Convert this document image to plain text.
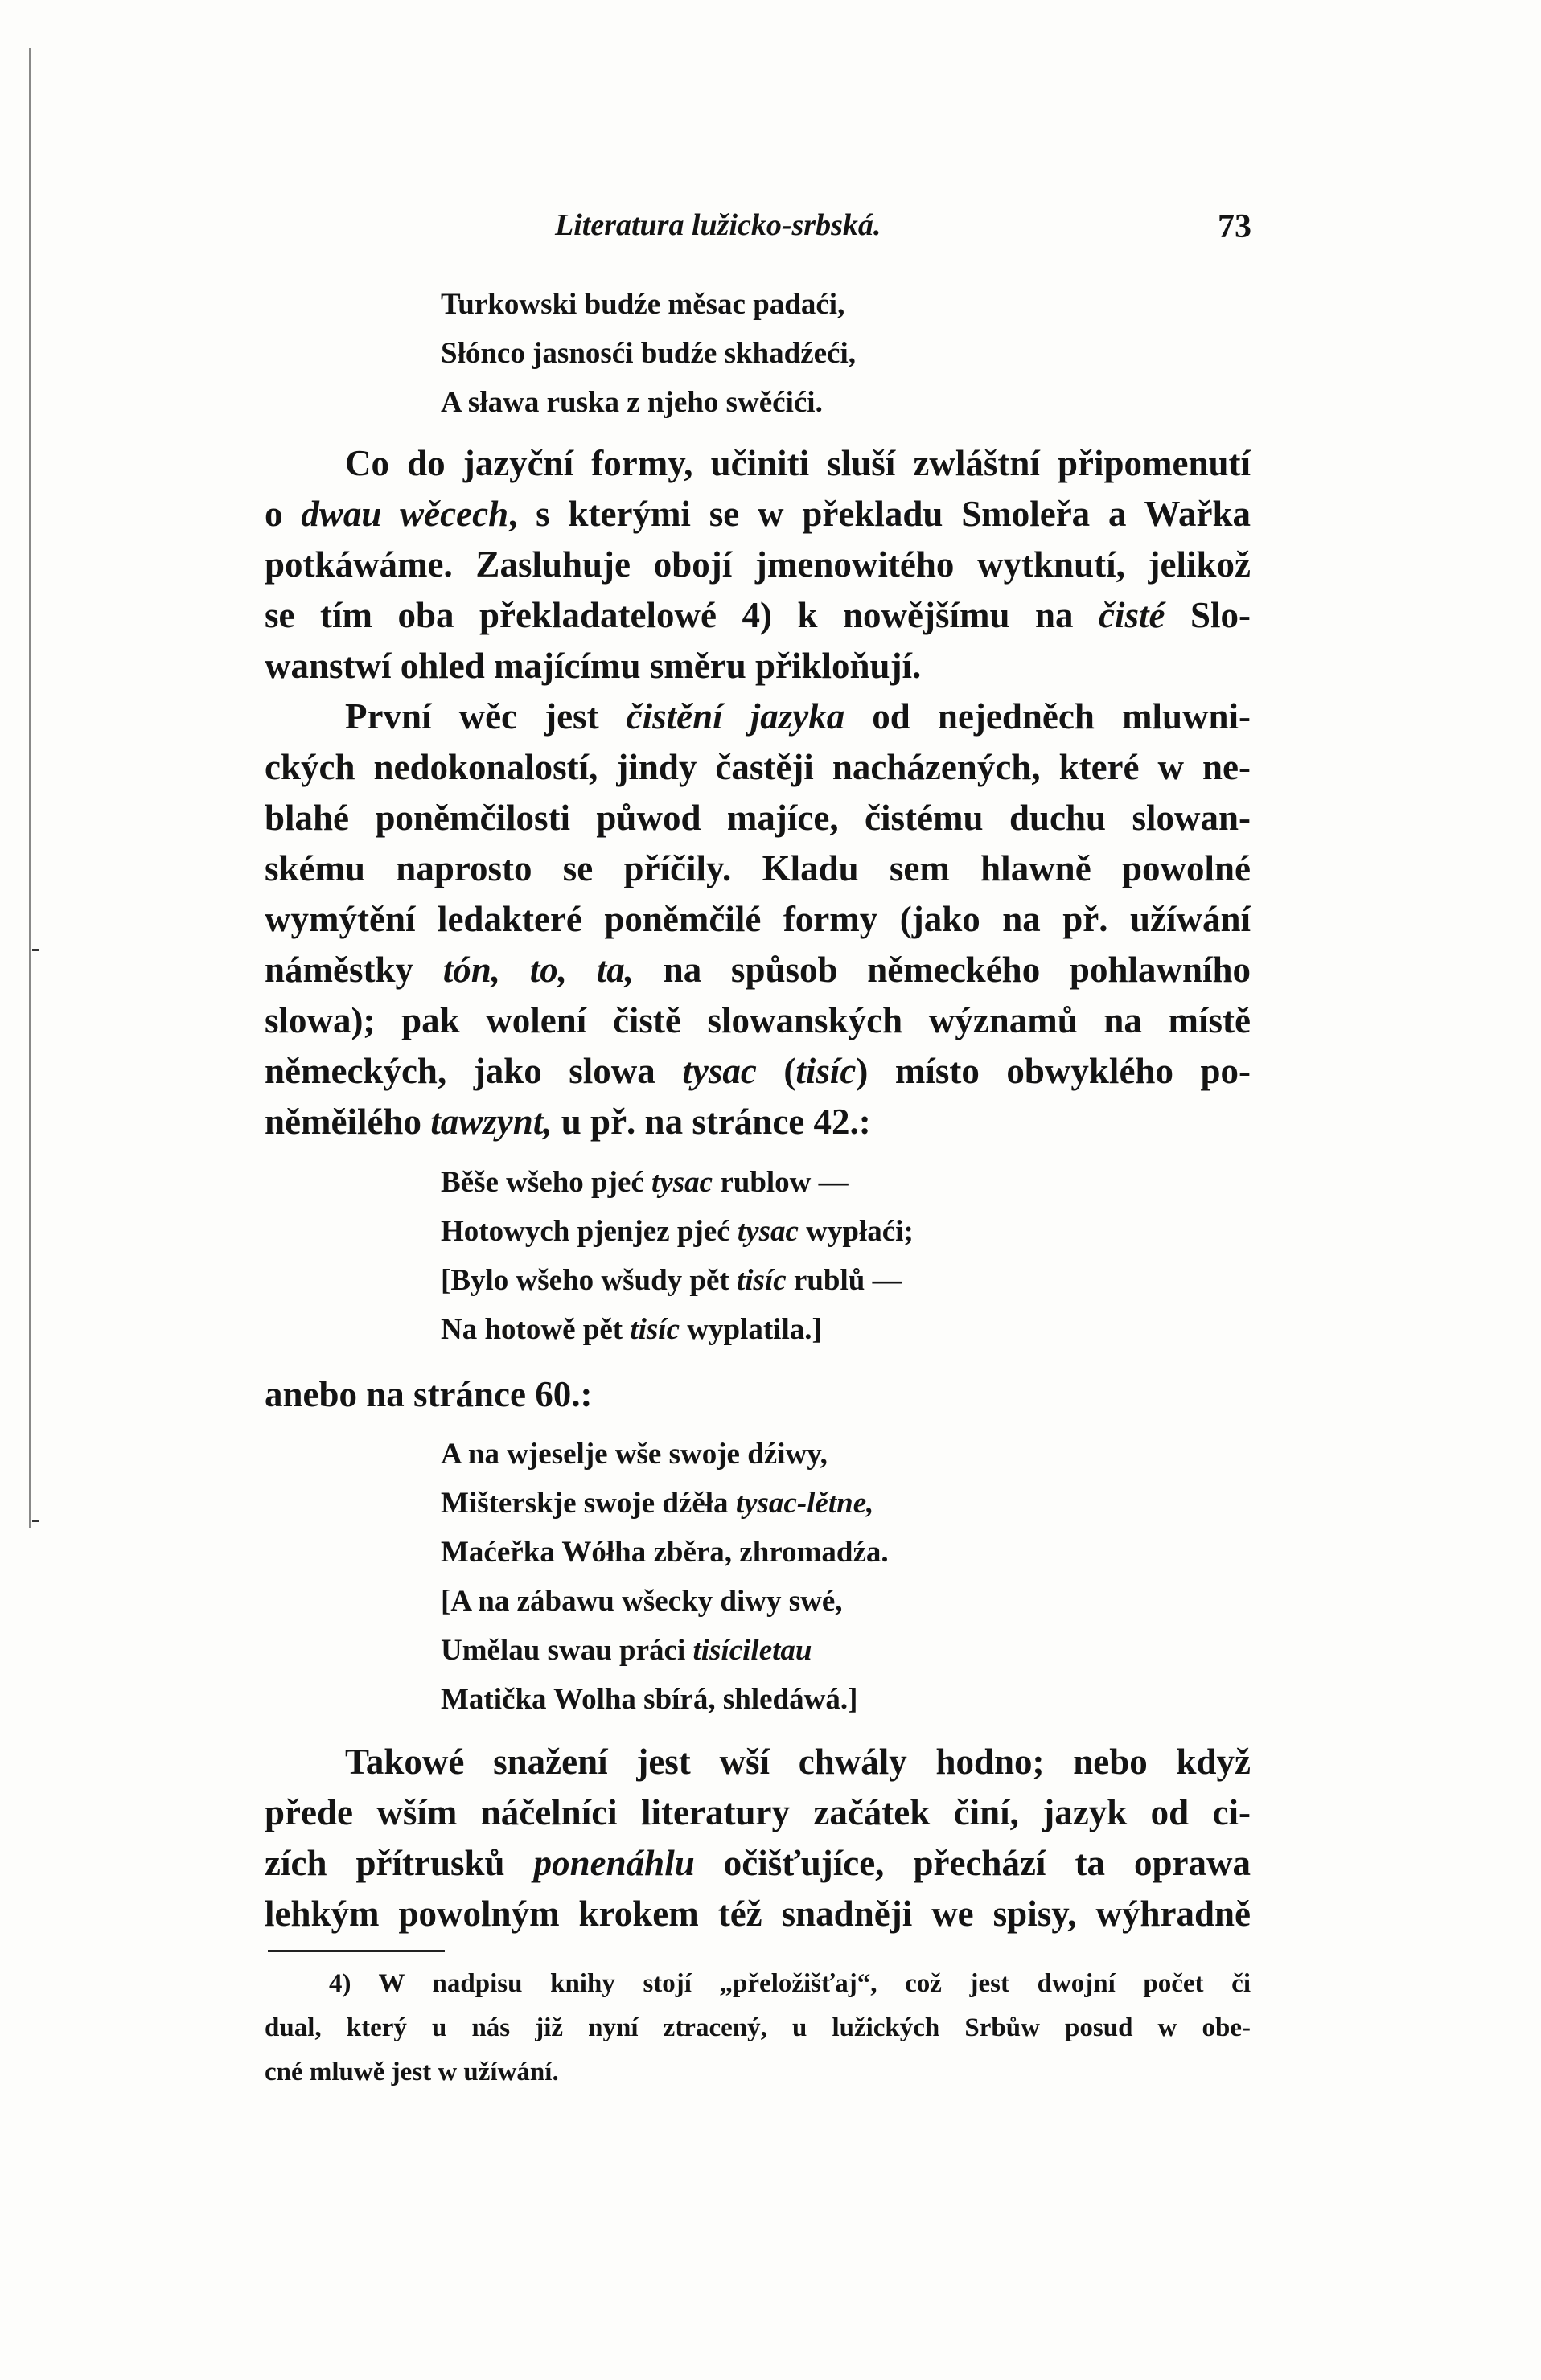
Literatura lužicko-srbská.	73
Turkowski budźe měsac padaći,
Słónco jasnosći budźe skhadźeći,
A sława ruska z njeho swěćići.
Co do jazyční formy, učiniti sluší zwláštní připomenutí
o dwau wěcech, s kterými se w překladu Smoleřa a Wařka
potkáwáme. Zasluhuje obojí jmenowitého wytknutí, jelikož
se tím oba překladatelowé 4) k nowějšímu na čisté Slo-
wanstwí ohled majícímu směru přikloňují.
První wěc jest čistění jazyka od nejedněch mluwni-
ckých nedokonalostí, jindy častěji nacházených, které w ne-
blahé poněmčilosti půwod majíce, čistému duchu slowan-
skému naprosto se příčily. Kladu sem hlawně powolné
wymýtění ledakteré poněmčilé formy (jako na př. užíwání
náměstky tón, to, ta, na spůsob německého pohlawního
slowa); pak wolení čistě slowanských wýznamů na místě
německých, jako slowa tysac (tisíc) místo obwyklého po-
něměilého tawzynt, u př. na stránce 42.:
Běše wšeho pjeć tysac rublow —
Hotowych pjenjez pjeć tysac wypłaći;
[Bylo wšeho wšudy pět tisíc rublů —
Na hotowě pět tisíc wyplatila.]
anebo na stránce 60.:
A na wjeselje wše swoje dźiwy,
Mišterskje swoje dźěła tysac-lětne,
Maćeřka Wółha zběra, zhromadźa.
[A na zábawu wšecky diwy swé,
Umělau swau práci tisíciletau
Matička Wolha sbírá, shledáwá.]
Takowé snažení jest wší chwály hodno; nebo když
přede wším náčelníci literatury začátek činí, jazyk od ci-
zích přítrusků ponenáhlu očišťujíce, přechází ta oprawa
lehkým powolným krokem též snadněji we spisy, wýhradně
4) W nadpisu knihy stojí „přeložišťaj“, což jest dwojní počet či
dual, který u nás již nyní ztracený, u lužických Srbůw posud w obe-
cné mluwě jest w užíwání.
